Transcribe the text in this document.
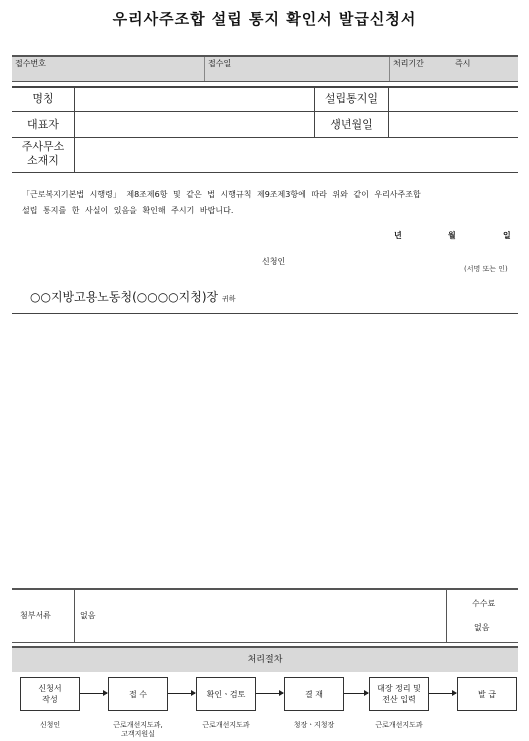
우리사주조합 설립 통지 확인서 발급신청서
접수번호	접수일	처리기간	즉시
명칭	설립통지일
대표자	생년월일
주사무소
소재지
「근로복지기본법 시행령」 제8조제6항 및 같은 법 시행규칙 제9조제3항에 따라 위와 같이 우리사주조합
설립 통지를 한 사실이 있음을 확인해 주시기 바랍니다.
년	월	일
신청인
(서명 또는 인)
○○지방고용노동청(○○○○지청)장 귀하
첨부서류	없음
수수료
없음
처리절차
신청서
작성
접 수	확인ㆍ검토	결 재
대장 정리 및
전산 입력
발 급
신청인	근로개선지도과,
고객지원실
근로개선지도과	청장ㆍ지청장	근로개선지도과
